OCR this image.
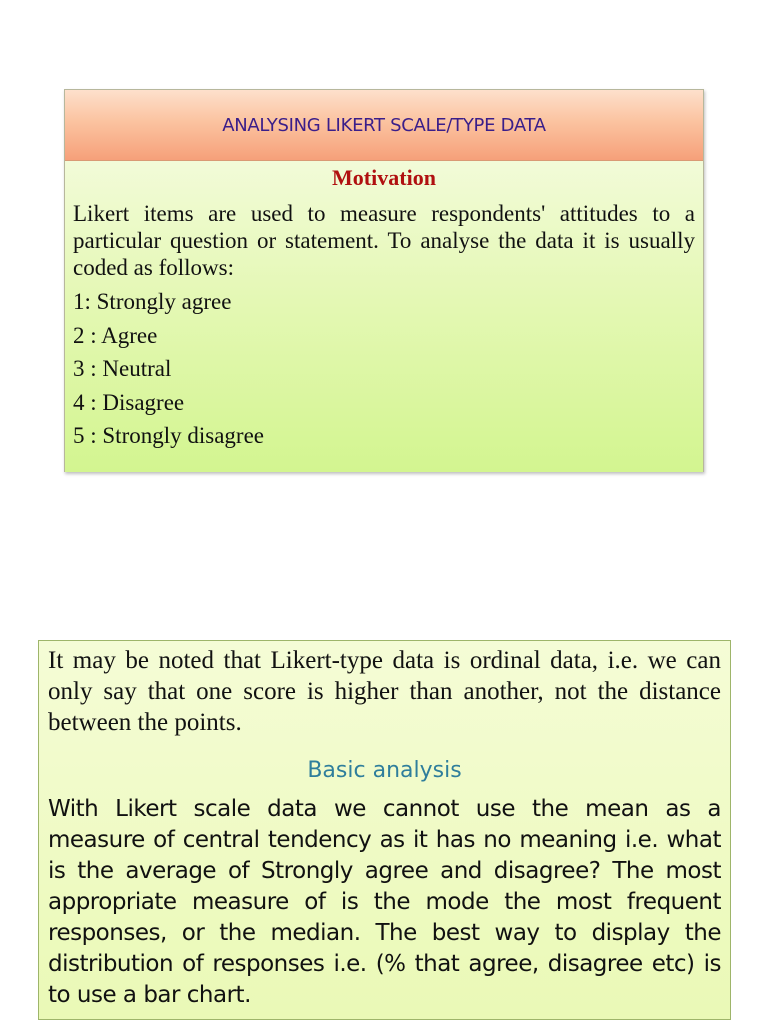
ANALYSING LIKERT SCALE/TYPE DATA
Motivation

Likert items are used to measure respondents' attitudes to a particular question or statement. To analyse the data it is usually coded as follows:

1: Strongly agree
2 : Agree
3 : Neutral
4 : Disagree
5 : Strongly disagree

It may be noted that Likert-type data is ordinal data, i.e. we can only say that one score is higher than another, not the distance between the points.

Basic analysis

With Likert scale data we cannot use the mean as a measure of central tendency as it has no meaning i.e. what is the average of Strongly agree and disagree? The most appropriate measure of is the mode the most frequent responses, or the median. The best way to display the distribution of responses i.e. (% that agree, disagree etc) is to use a bar chart.
